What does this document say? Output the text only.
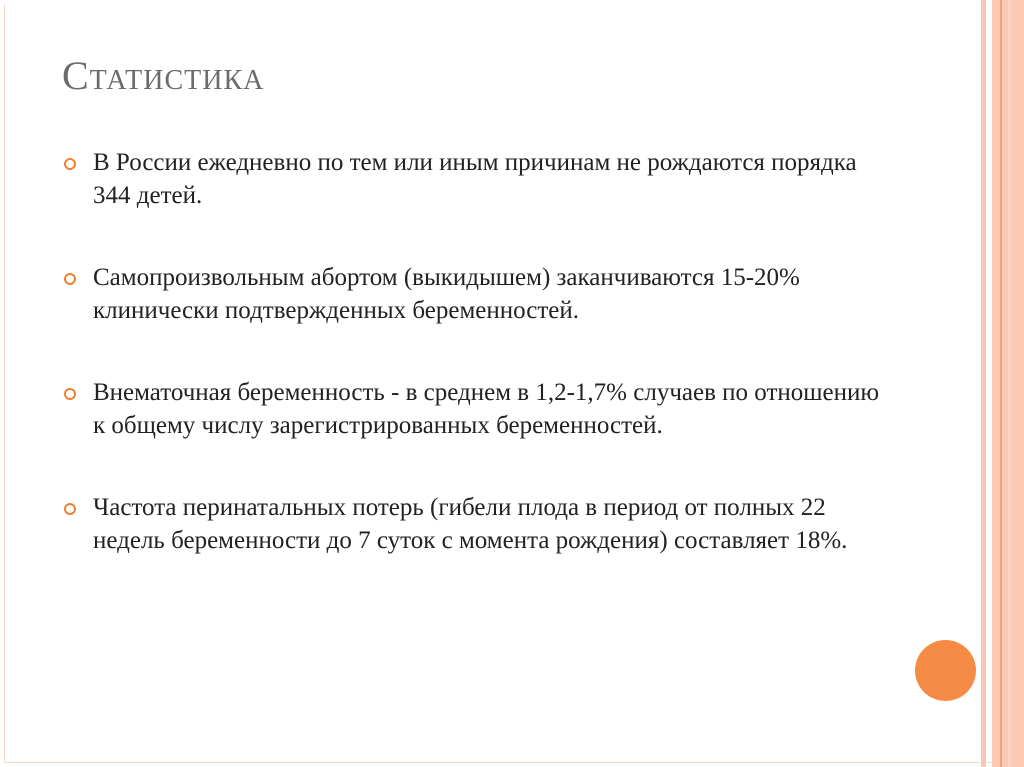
Статистика
В России ежедневно по тем или иным причинам не рождаются порядка 344 детей.
Самопроизвольным абортом (выкидышем) заканчиваются 15-20% клинически подтвержденных беременностей.
Внематочная беременность - в среднем в 1,2-1,7% случаев по отношению к общему числу зарегистрированных беременностей.
Частота перинатальных потерь (гибели плода в период от полных 22 недель беременности до 7 суток с момента рождения) составляет 18%.
